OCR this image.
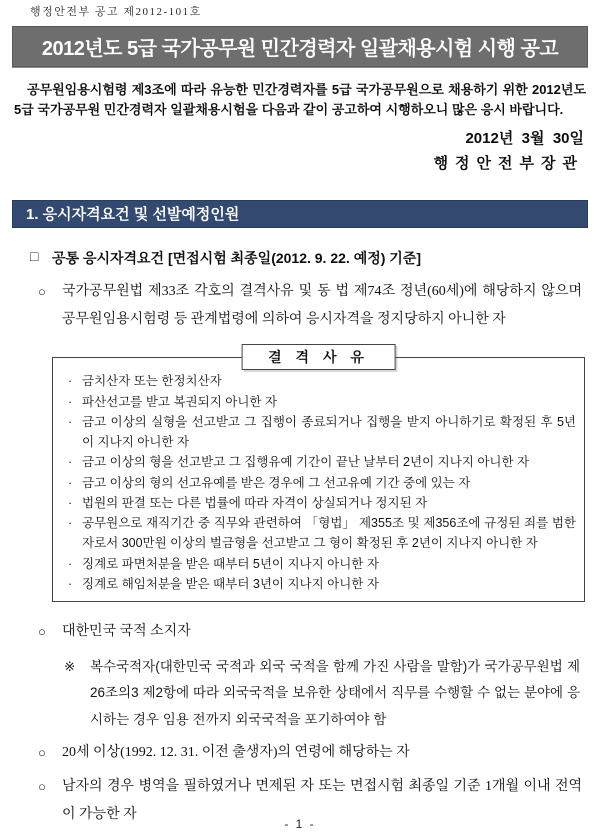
행정안전부 공고 제2012-101호
2012년도 5급 국가공무원 민간경력자 일괄채용시험 시행 공고

공무원임용시험령 제3조에 따라 유능한 민간경력자를 5급 국가공무원으로 채용하기 위한 2012년도 5급 국가공무원 민간경력자 일괄채용시험을 다음과 같이 공고하여 시행하오니 많은 응시 바랍니다.

2012년  3월  30일
행정안전부장관
1. 응시자격요건 및 선발예정인원
□ 공통 응시자격요건 [면접시험 최종일(2012. 9. 22. 예정) 기준]
○	국가공무원법 제33조 각호의 결격사유 및 동 법 제74조 정년(60세)에 해당하지 않으며 공무원임용시험령 등 관계법령에 의하여 응시자격을 정지당하지 아니한 자
결 격 사 유
· 금치산자 또는 한정치산자
· 파산선고를 받고 복권되지 아니한 자
· 금고 이상의 실형을 선고받고 그 집행이 종료되거나 집행을 받지 아니하기로 확정된 후 5년이 지나지 아니한 자
· 금고 이상의 형을 선고받고 그 집행유예 기간이 끝난 날부터 2년이 지나지 아니한 자
· 금고 이상의 형의 선고유예를 받은 경우에 그 선고유예 기간 중에 있는 자
· 법원의 판결 또는 다른 법률에 따라 자격이 상실되거나 정지된 자
· 공무원으로 재직기간 중 직무와 관련하여 「형법」 제355조 및 제356조에 규정된 죄를 범한 자로서 300만원 이상의 벌금형을 선고받고 그 형이 확정된 후 2년이 지나지 아니한 자
· 징계로 파면처분을 받은 때부터 5년이 지나지 아니한 자
· 징계로 해임처분을 받은 때부터 3년이 지나지 아니한 자
○	대한민국 국적 소지자
※	복수국적자(대한민국 국적과 외국 국적을 함께 가진 사람을 말함)가 국가공무원법 제26조의3 제2항에 따라 외국국적을 보유한 상태에서 직무를 수행할 수 없는 분야에 응시하는 경우 임용 전까지 외국국적을 포기하여야 함
○	20세 이상(1992. 12. 31. 이전 출생자)의 연령에 해당하는 자
○	남자의 경우 병역을 필하였거나 면제된 자 또는 면접시험 최종일 기준 1개월 이내 전역이 가능한 자
- 1 -
